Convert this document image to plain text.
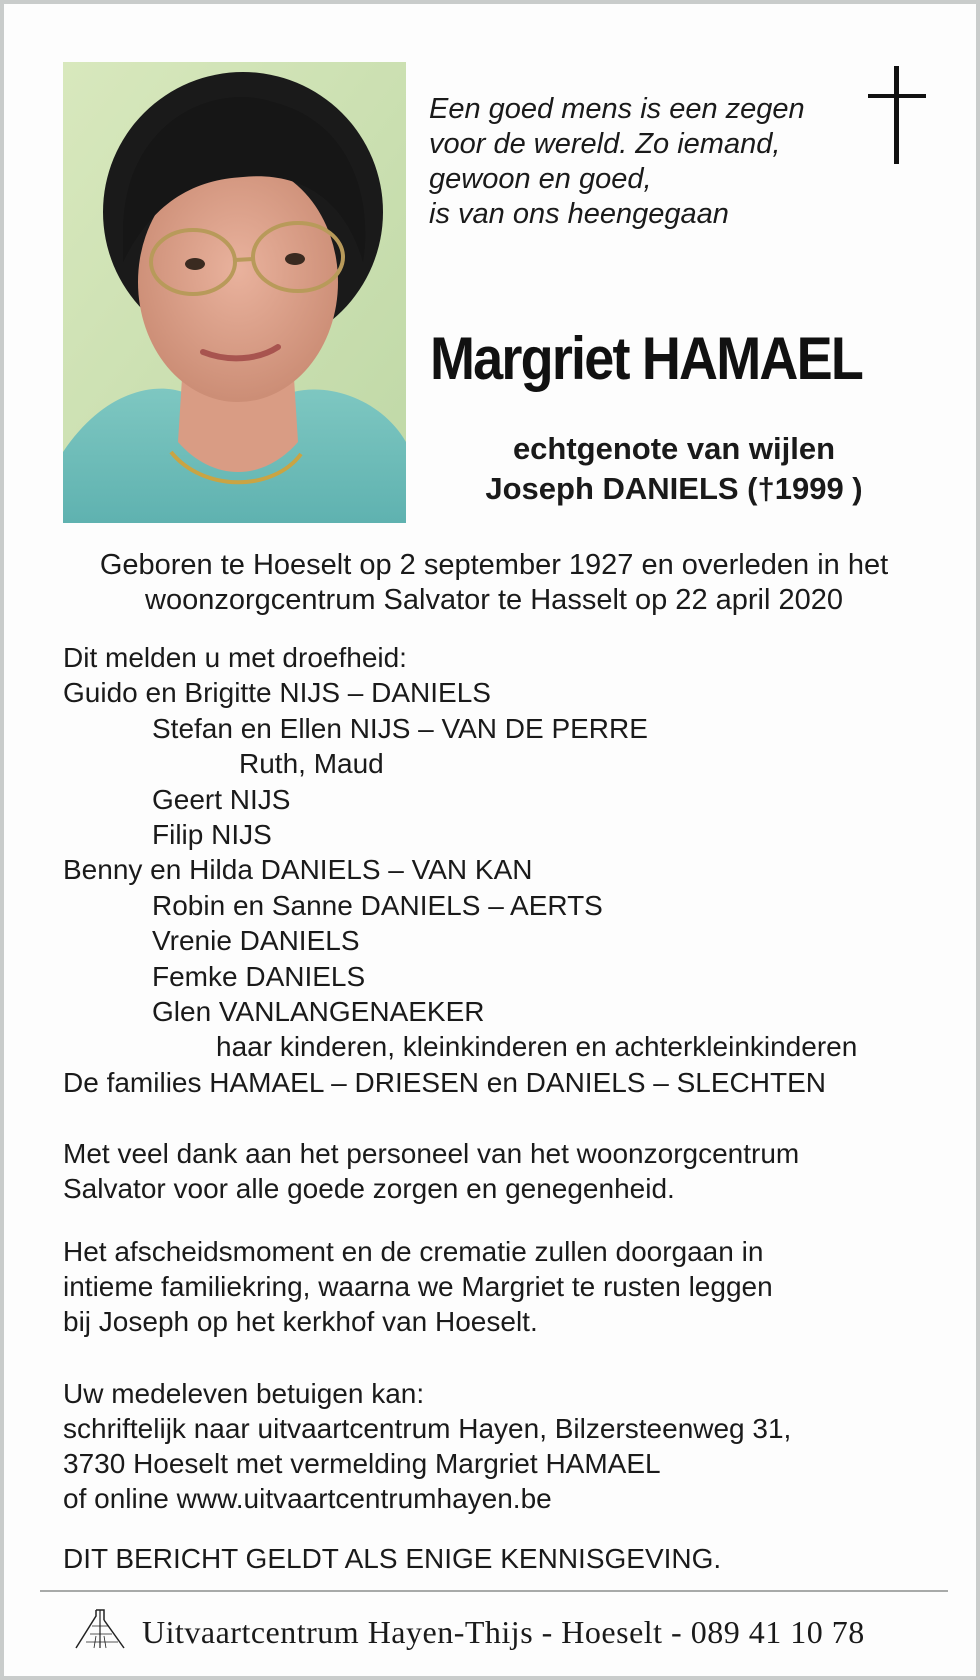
Een goed mens is een zegen
voor de wereld. Zo iemand,
gewoon en goed,
is van ons heengegaan
Margriet HAMAEL
echtgenote van wijlen
Joseph DANIELS (†1999 )
Geboren te Hoeselt op 2 september 1927 en overleden in het
woonzorgcentrum Salvator te Hasselt op 22 april 2020
Dit melden u met droefheid:
Guido en Brigitte NIJS – DANIELS
Stefan en Ellen NIJS – VAN DE PERRE
Ruth, Maud
Geert NIJS
Filip NIJS
Benny en Hilda DANIELS – VAN KAN
Robin en Sanne DANIELS – AERTS
Vrenie DANIELS
Femke DANIELS
Glen VANLANGENAEKER
haar kinderen, kleinkinderen en achterkleinkinderen
De families HAMAEL – DRIESEN en DANIELS – SLECHTEN
Met veel dank aan het personeel van het woonzorgcentrum
Salvator voor alle goede zorgen en genegenheid.
Het afscheidsmoment en de crematie zullen doorgaan in
intieme familiekring, waarna we Margriet te rusten leggen
bij Joseph op het kerkhof van Hoeselt.
Uw medeleven betuigen kan:
schriftelijk naar uitvaartcentrum Hayen, Bilzersteenweg 31,
3730 Hoeselt met vermelding Margriet HAMAEL
of online www.uitvaartcentrumhayen.be
DIT BERICHT GELDT ALS ENIGE KENNISGEVING.
Uitvaartcentrum Hayen-Thijs - Hoeselt - 089 41 10 78
